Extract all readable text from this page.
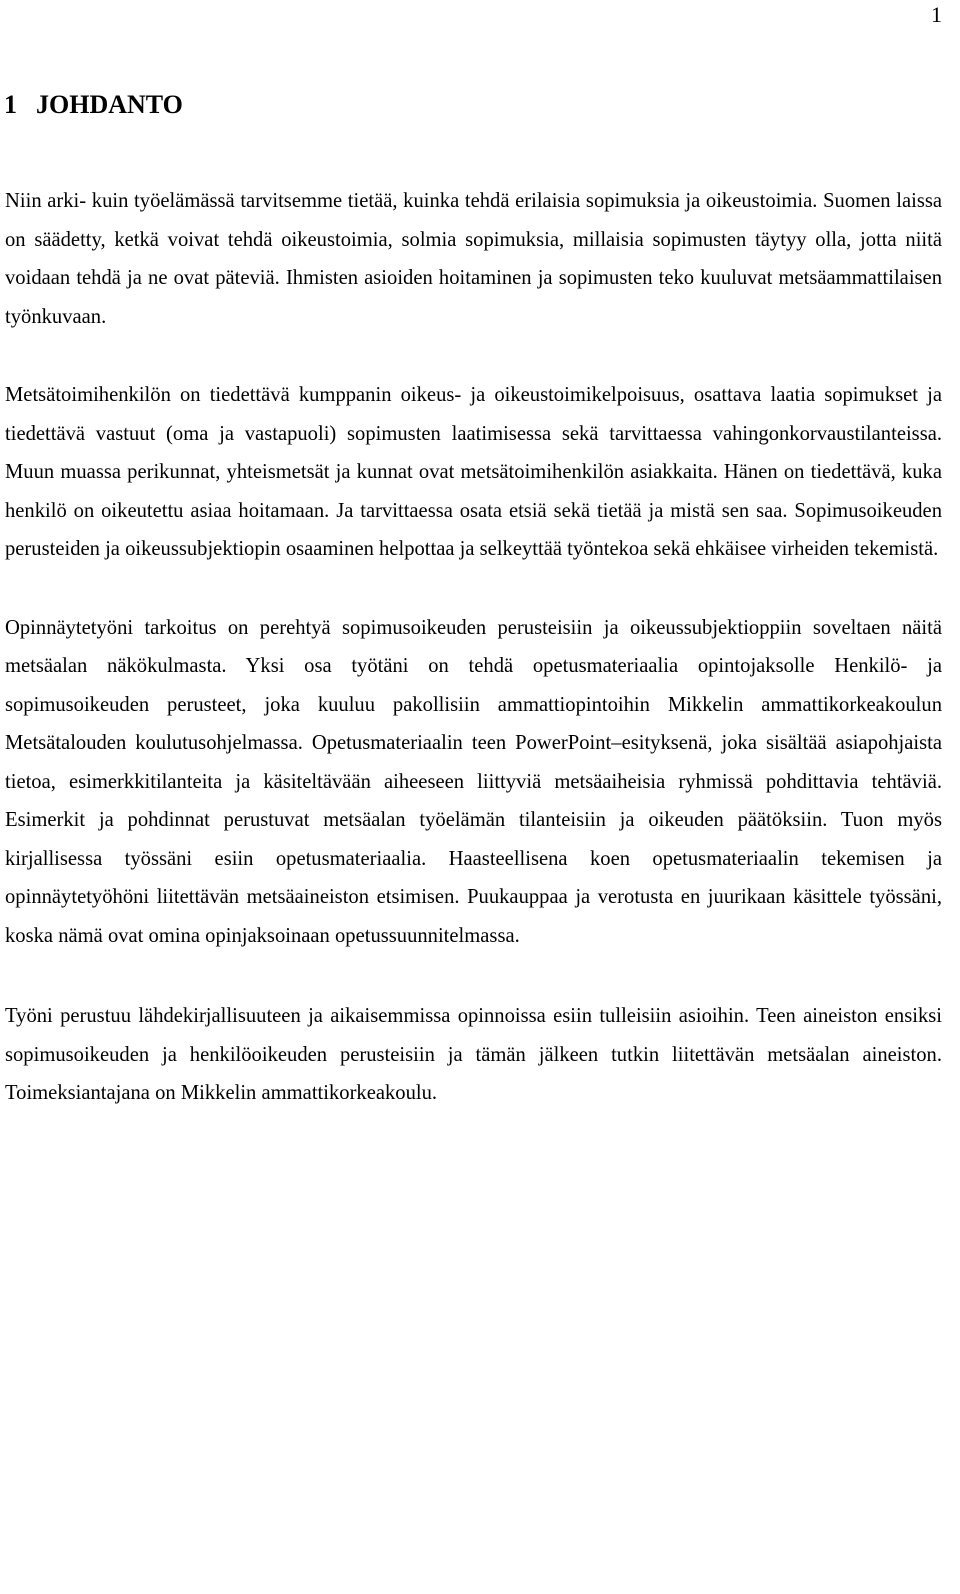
1
1 JOHDANTO

Niin arki- kuin työelämässä tarvitsemme tietää, kuinka tehdä erilaisia sopimuksia ja oikeustoimia. Suomen laissa on säädetty, ketkä voivat tehdä oikeustoimia, solmia sopimuksia, millaisia sopimusten täytyy olla, jotta niitä voidaan tehdä ja ne ovat päteviä. Ihmisten asioiden hoitaminen ja sopimusten teko kuuluvat metsäammattilaisen työnkuvaan.

Metsätoimihenkilön on tiedettävä kumppanin oikeus- ja oikeustoimikelpoisuus, osattava laatia sopimukset ja tiedettävä vastuut (oma ja vastapuoli) sopimusten laatimisessa sekä tarvittaessa vahingonkorvaustilanteissa. Muun muassa perikunnat, yhteismetsät ja kunnat ovat metsätoimihenkilön asiakkaita. Hänen on tiedettävä, kuka henkilö on oikeutettu asiaa hoitamaan. Ja tarvittaessa osata etsiä sekä tietää ja mistä sen saa. Sopimusoikeuden perusteiden ja oikeussubjektiopin osaaminen helpottaa ja selkeyttää työntekoa sekä ehkäisee virheiden tekemistä.

Opinnäytetyöni tarkoitus on perehtyä sopimusoikeuden perusteisiin ja oikeussubjektioppiin soveltaen näitä metsäalan näkökulmasta. Yksi osa työtäni on tehdä opetusmateriaalia opintojaksolle Henkilö- ja sopimusoikeuden perusteet, joka kuuluu pakollisiin ammattiopintoihin Mikkelin ammattikorkeakoulun Metsätalouden koulutusohjelmassa. Opetusmateriaalin teen PowerPoint–esityksenä, joka sisältää asiapohjaista tietoa, esimerkkitilanteita ja käsiteltävään aiheeseen liittyviä metsäaiheisia ryhmissä pohdittavia tehtäviä. Esimerkit ja pohdinnat perustuvat metsäalan työelämän tilanteisiin ja oikeuden päätöksiin. Tuon myös kirjallisessa työssäni esiin opetusmateriaalia. Haasteellisena koen opetusmateriaalin tekemisen ja opinnäytetyöhöni liitettävän metsäaineiston etsimisen. Puukauppaa ja verotusta en juurikaan käsittele työssäni, koska nämä ovat omina opinjaksoinaan opetussuunnitelmassa.

Työni perustuu lähdekirjallisuuteen ja aikaisemmissa opinnoissa esiin tulleisiin asioihin. Teen aineiston ensiksi sopimusoikeuden ja henkilöoikeuden perusteisiin ja tämän jälkeen tutkin liitettävän metsäalan aineiston. Toimeksiantajana on Mikkelin ammattikorkeakoulu.
